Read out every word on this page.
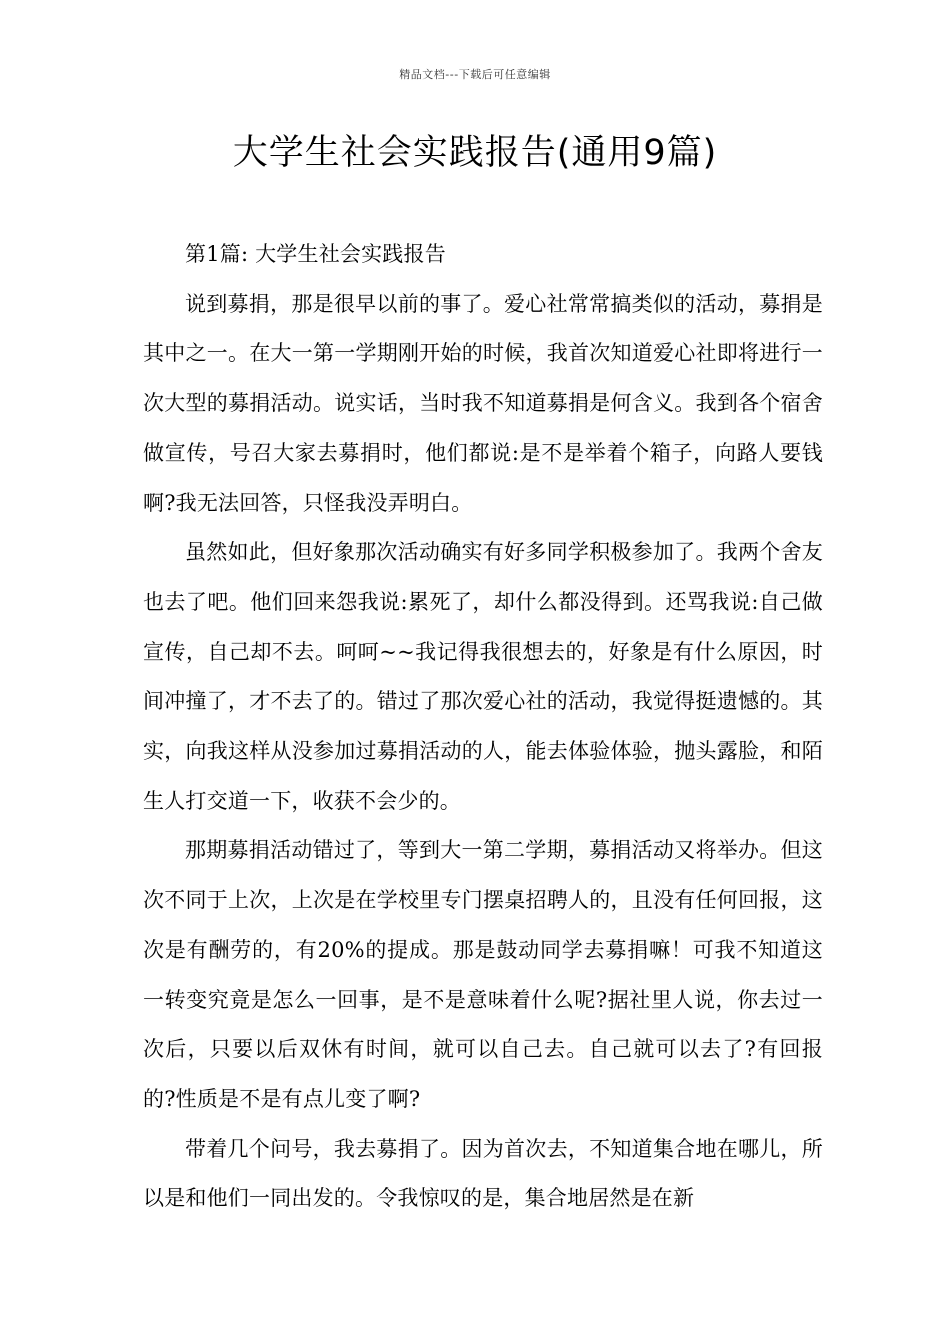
精品文档---下载后可任意编辑
大学生社会实践报告(通用9篇)

第1篇: 大学生社会实践报告

说到募捐，那是很早以前的事了。爱心社常常搞类似的活动，募捐是其中之一。在大一第一学期刚开始的时候，我首次知道爱心社即将进行一次大型的募捐活动。说实话，当时我不知道募捐是何含义。我到各个宿舍做宣传，号召大家去募捐时，他们都说:是不是举着个箱子，向路人要钱啊?我无法回答，只怪我没弄明白。

虽然如此，但好象那次活动确实有好多同学积极参加了。我两个舍友也去了吧。他们回来怨我说:累死了，却什么都没得到。还骂我说:自己做宣传，自己却不去。呵呵~~我记得我很想去的，好象是有什么原因，时间冲撞了，才不去了的。错过了那次爱心社的活动，我觉得挺遗憾的。其实，向我这样从没参加过募捐活动的人，能去体验体验，抛头露脸，和陌生人打交道一下，收获不会少的。

那期募捐活动错过了，等到大一第二学期，募捐活动又将举办。但这次不同于上次，上次是在学校里专门摆桌招聘人的，且没有任何回报，这次是有酬劳的，有20%的提成。那是鼓动同学去募捐嘛！可我不知道这一转变究竟是怎么一回事，是不是意味着什么呢?据社里人说，你去过一次后，只要以后双休有时间，就可以自己去。自己就可以去了?有回报的?性质是不是有点儿变了啊?

带着几个问号，我去募捐了。因为首次去，不知道集合地在哪儿，所以是和他们一同出发的。令我惊叹的是，集合地居然是在新
